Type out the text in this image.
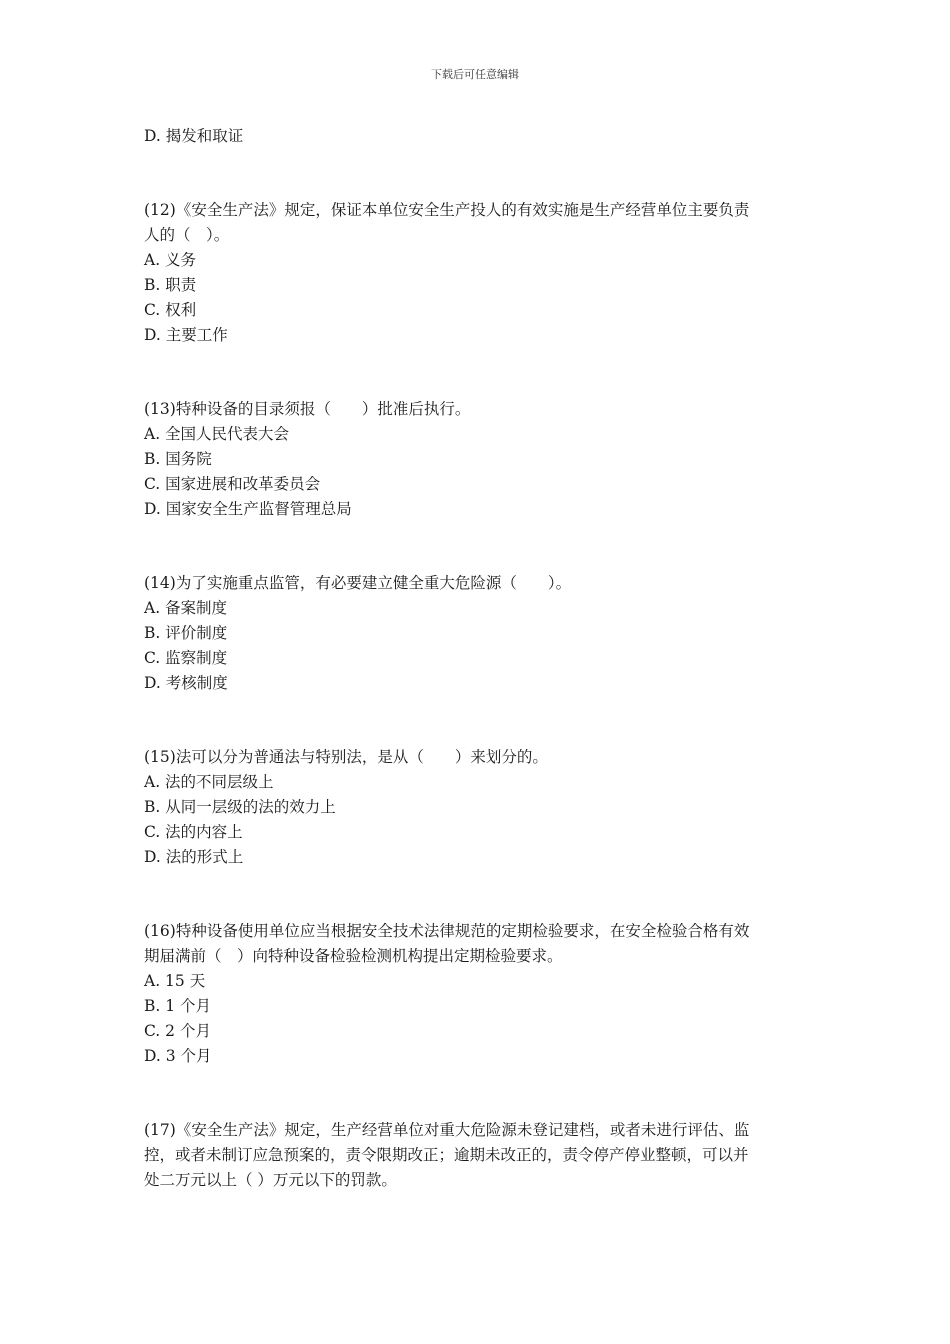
下载后可任意编辑
D. 揭发和取证
(12)《安全生产法》规定，保证本单位安全生产投人的有效实施是生产经营单位主要负责
人的（　）。
A. 义务
B. 职责
C. 权利
D. 主要工作
(13)特种设备的目录须报（　　）批准后执行。
A. 全国人民代表大会
B. 国务院
C. 国家进展和改革委员会
D. 国家安全生产监督管理总局
(14)为了实施重点监管，有必要建立健全重大危险源（　　）。
A. 备案制度
B. 评价制度
C. 监察制度
D. 考核制度
(15)法可以分为普通法与特别法，是从（　　）来划分的。
A. 法的不同层级上
B. 从同一层级的法的效力上
C. 法的内容上
D. 法的形式上
(16)特种设备使用单位应当根据安全技术法律规范的定期检验要求，在安全检验合格有效
期届满前（　）向特种设备检验检测机构提出定期检验要求。
A. 15 天
B. 1 个月
C. 2 个月
D. 3 个月
(17)《安全生产法》规定，生产经营单位对重大危险源未登记建档，或者未进行评估、监
控，或者未制订应急预案的，责令限期改正；逾期未改正的，责令停产停业整顿，可以并
处二万元以上（ ）万元以下的罚款。
